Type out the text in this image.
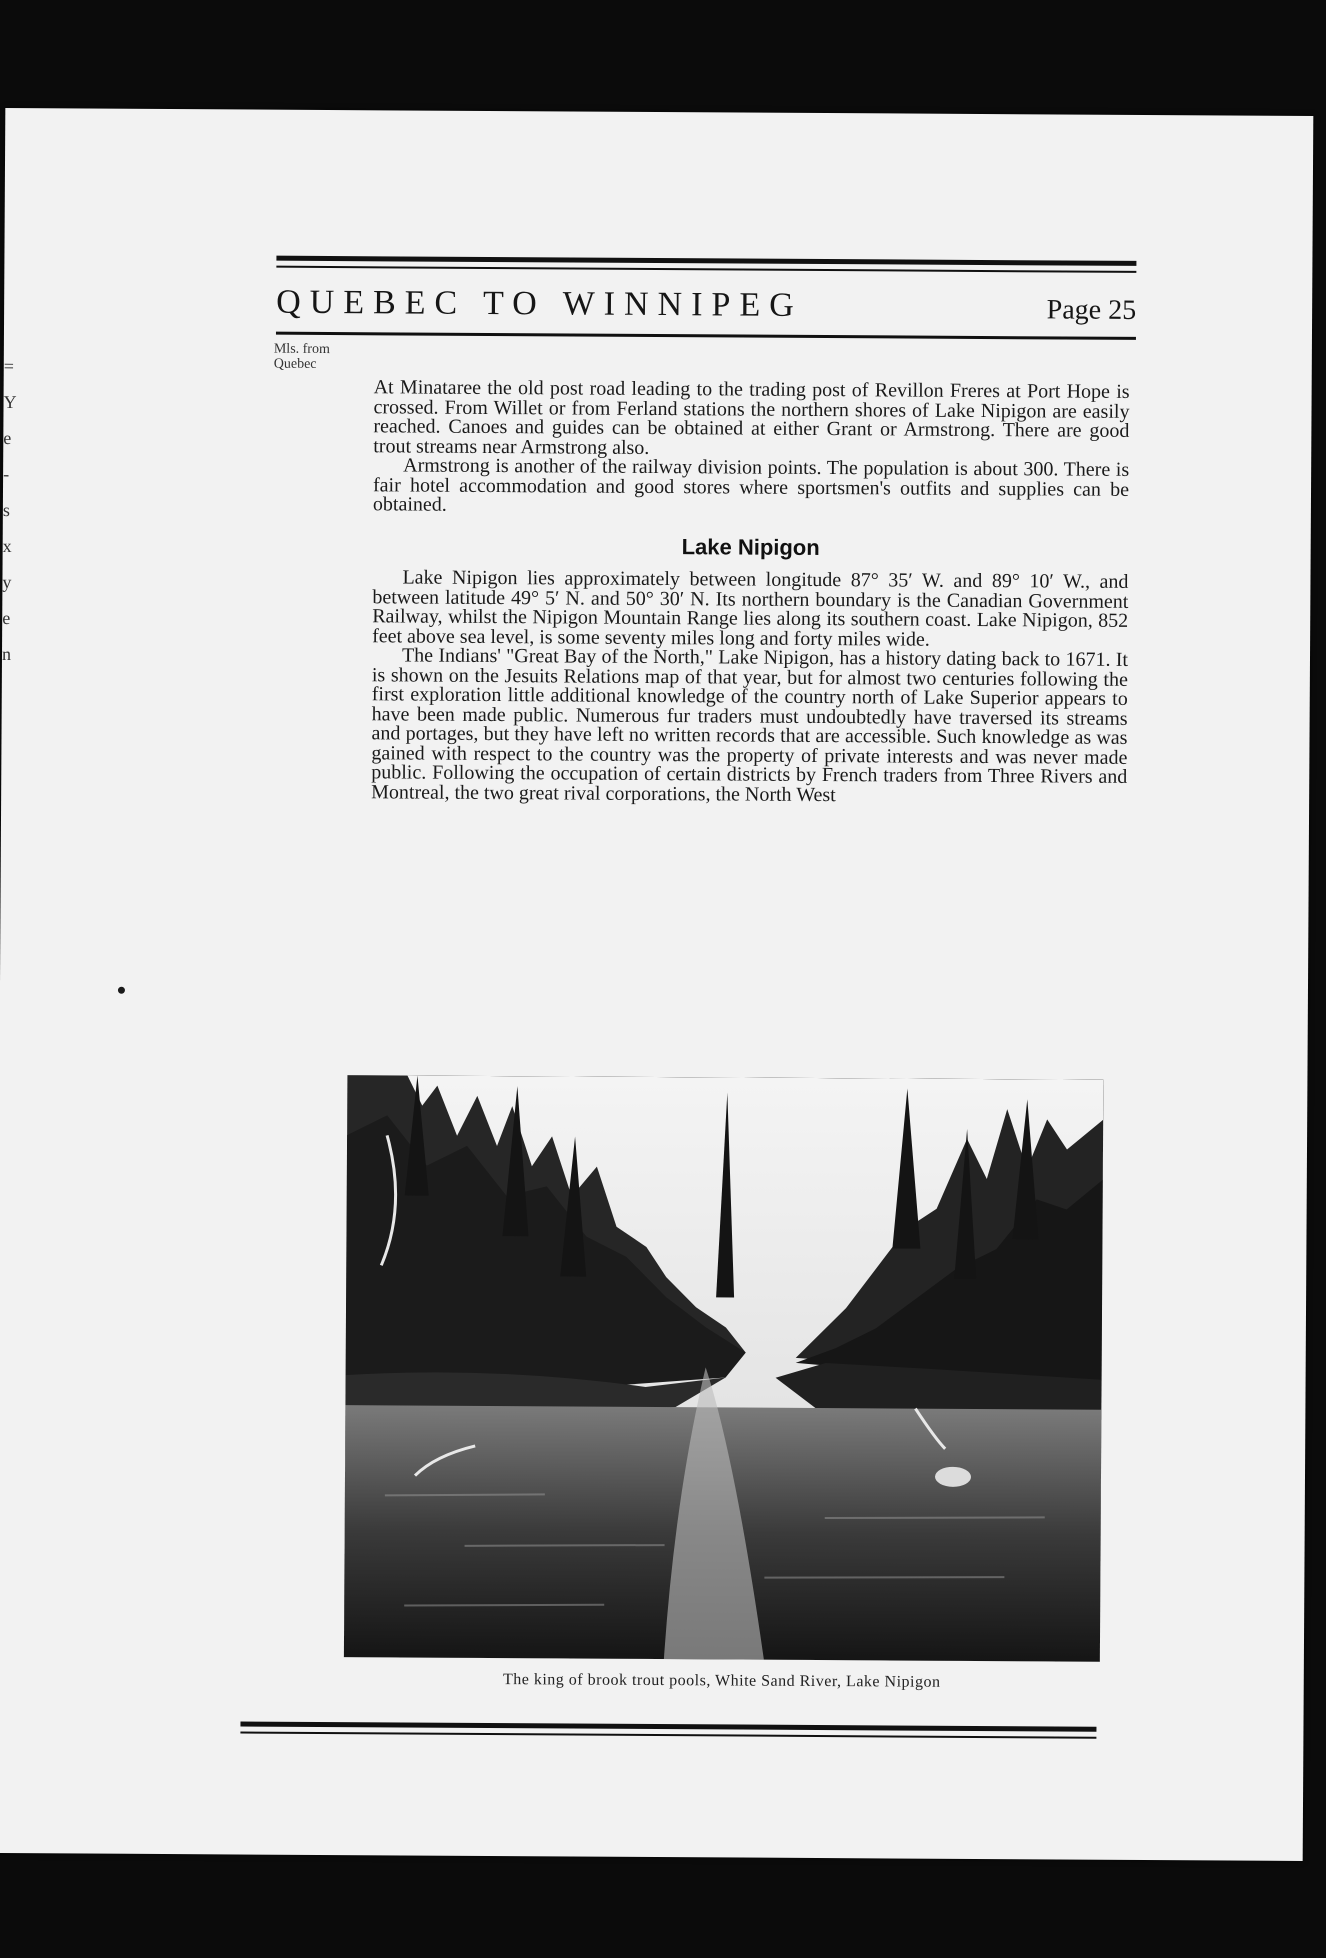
=
Y
e
-
s
x
y
e
n
QUEBEC TO WINNIPEG	Page 25
Mls. from
Quebec

At Minataree the old post road leading to the trading post of Revillon Freres at Port Hope is crossed. From Willet or from Ferland stations the northern shores of Lake Nipigon are easily reached. Canoes and guides can be obtained at either Grant or Armstrong. There are good trout streams near Armstrong also.

Armstrong is another of the railway division points. The population is about 300. There is fair hotel accommodation and good stores where sportsmen's outfits and supplies can be obtained.

Lake Nipigon

Lake Nipigon lies approximately between longitude 87° 35′ W. and 89° 10′ W., and between latitude 49° 5′ N. and 50° 30′ N. Its northern boundary is the Canadian Government Railway, whilst the Nipigon Mountain Range lies along its southern coast. Lake Nipigon, 852 feet above sea level, is some seventy miles long and forty miles wide.

The Indians' "Great Bay of the North," Lake Nipigon, has a history dating back to 1671. It is shown on the Jesuits Relations map of that year, but for almost two centuries following the first exploration little additional knowledge of the country north of Lake Superior appears to have been made public. Numerous fur traders must undoubtedly have traversed its streams and portages, but they have left no written records that are accessible. Such knowledge as was gained with respect to the country was the property of private interests and was never made public. Following the occupation of certain districts by French traders from Three Rivers and Montreal, the two great rival corporations, the North West

The king of brook trout pools, White Sand River, Lake Nipigon
